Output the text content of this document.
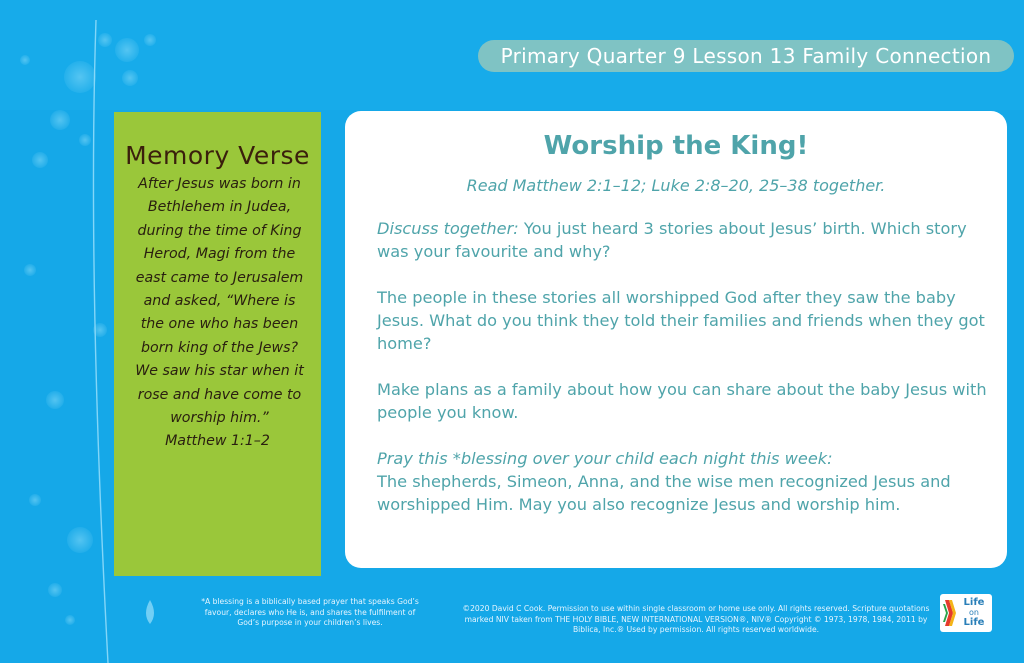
Primary Quarter 9 Lesson 13 Family Connection
Memory Verse
After Jesus was born in Bethlehem in Judea, during the time of King Herod, Magi from the east came to Jerusalem and asked, “Where is the one who has been born king of the Jews? We saw his star when it rose and have come to worship him.”
Matthew 1:1–2
Worship the King!
Read Matthew 2:1–12; Luke 2:8–20, 25–38 together.

Discuss together: You just heard 3 stories about Jesus’ birth. Which story was your favourite and why?

The people in these stories all worshipped God after they saw the baby Jesus. What do you think they told their families and friends when they got home?

Make plans as a family about how you can share about the baby Jesus with people you know.

Pray this *blessing over your child each night this week:
The shepherds, Simeon, Anna, and the wise men recognized Jesus and worshipped Him. May you also recognize Jesus and worship him.

*A blessing is a biblically based prayer that speaks God’s favour, declares who He is, and shares the fulfilment of God’s purpose in your children’s lives.
©2020 David C Cook. Permission to use within single classroom or home use only. All rights reserved. Scripture quotations marked NIV taken from THE HOLY BIBLE, NEW INTERNATIONAL VERSION®, NIV® Copyright © 1973, 1978, 1984, 2011 by Biblica, Inc.® Used by permission. All rights reserved worldwide.
Life
on
Life
